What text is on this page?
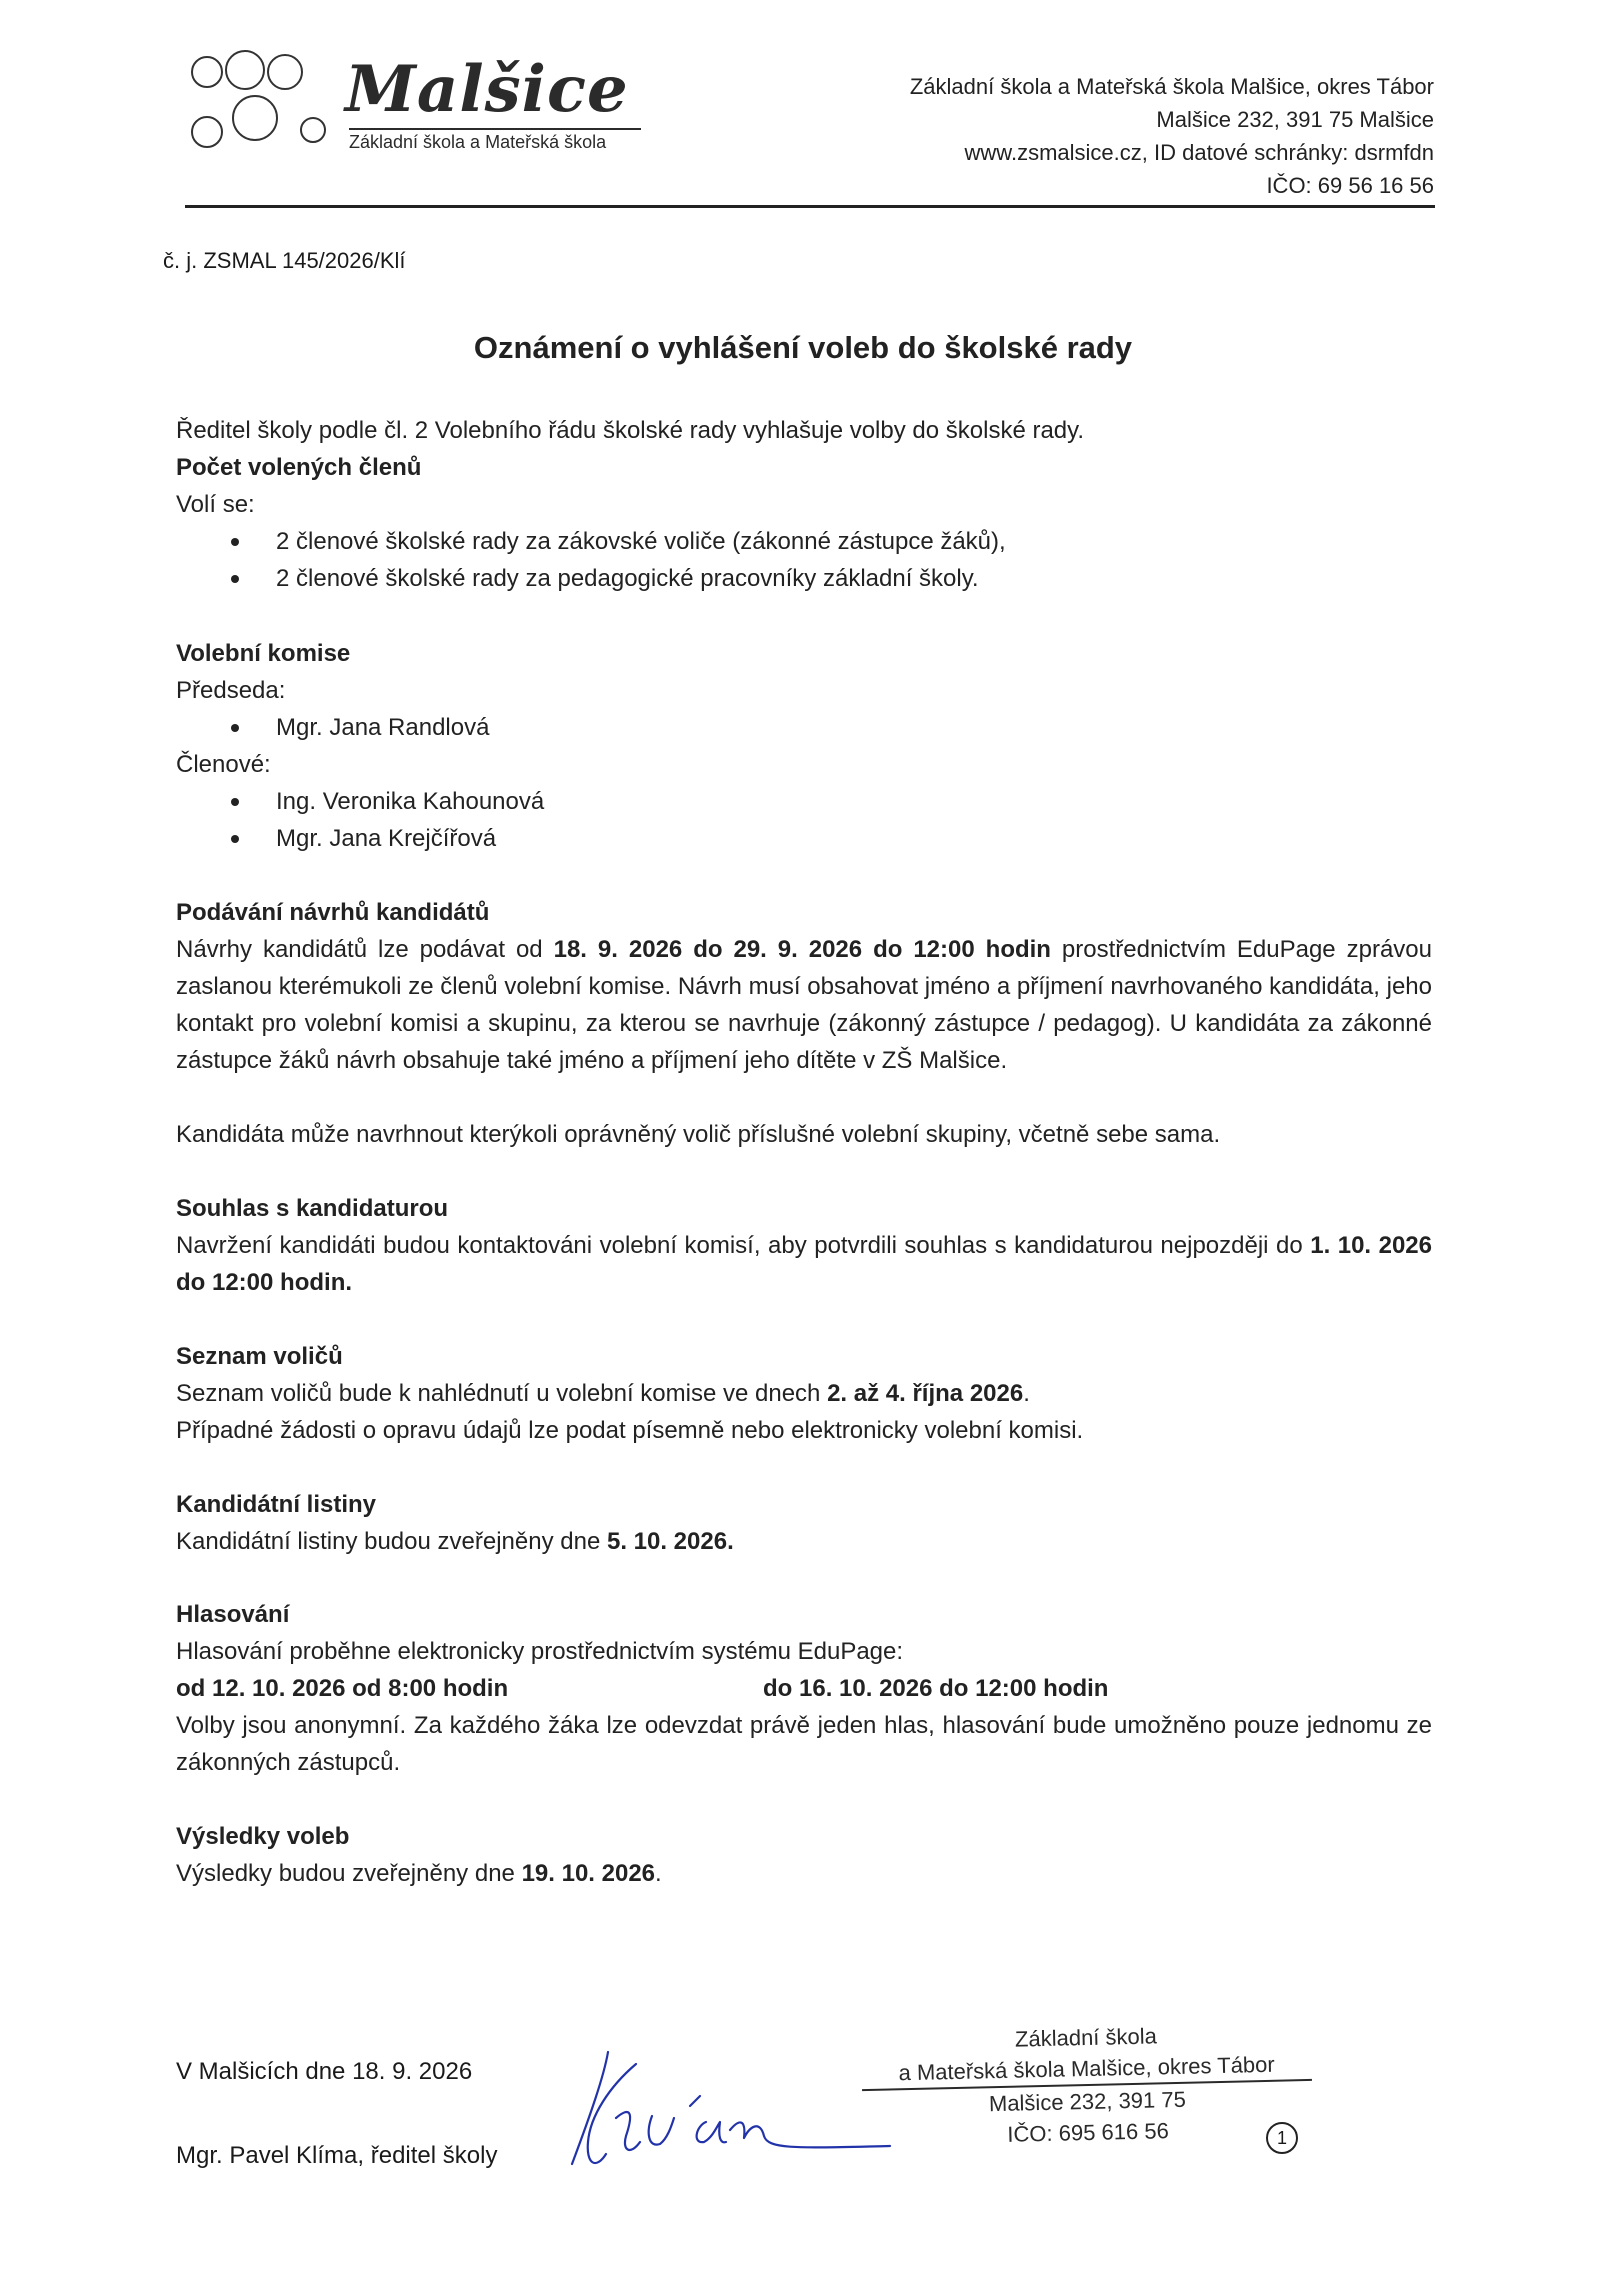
Malšice
Základní škola a Mateřská škola
Základní škola a Mateřská škola Malšice, okres Tábor
Malšice 232, 391 75 Malšice
www.zsmalsice.cz, ID datové schránky: dsrmfdn
IČO: 69 56 16 56
č. j. ZSMAL 145/2026/Klí
Oznámení o vyhlášení voleb do školské rady

Ředitel školy podle čl. 2 Volebního řádu školské rady vyhlašuje volby do školské rady.

Počet volených členů

Volí se:

2 členové školské rady za zákovské voliče (zákonné zástupce žáků),
2 členové školské rady za pedagogické pracovníky základní školy.

Volební komise

Předseda:

Mgr. Jana Randlová

Členové:

Ing. Veronika Kahounová
Mgr. Jana Krejčířová

Podávání návrhů kandidátů

Návrhy kandidátů lze podávat od 18. 9. 2026 do 29. 9. 2026 do 12:00 hodin prostřednictvím EduPage zprávou zaslanou kterémukoli ze členů volební komise. Návrh musí obsahovat jméno a příjmení navrhovaného kandidáta, jeho kontakt pro volební komisi a skupinu, za kterou se navrhuje (zákonný zástupce / pedagog). U kandidáta za zákonné zástupce žáků návrh obsahuje také jméno a příjmení jeho dítěte v ZŠ Malšice.

Kandidáta může navrhnout kterýkoli oprávněný volič příslušné volební skupiny, včetně sebe sama.

Souhlas s kandidaturou

Navržení kandidáti budou kontaktováni volební komisí, aby potvrdili souhlas s kandidaturou nejpozději do 1. 10. 2026 do 12:00 hodin.

Seznam voličů

Seznam voličů bude k nahlédnutí u volební komise ve dnech 2. až 4. října 2026.

Případné žádosti o opravu údajů lze podat písemně nebo elektronicky volební komisi.

Kandidátní listiny

Kandidátní listiny budou zveřejněny dne 5. 10. 2026.

Hlasování

Hlasování proběhne elektronicky prostřednictvím systému EduPage:

od 12. 10. 2026 od 8:00 hodin	do 16. 10. 2026 do 12:00 hodin

Volby jsou anonymní. Za každého žáka lze odevzdat právě jeden hlas, hlasování bude umožněno pouze jednomu ze zákonných zástupců.

Výsledky voleb

Výsledky budou zveřejněny dne 19. 10. 2026.

V Malšicích dne 18. 9. 2026
Mgr. Pavel Klíma, ředitel školy
Základní škola
a Mateřská škola Malšice, okres Tábor
Malšice 232, 391 75
IČO: 695 616 56	1
